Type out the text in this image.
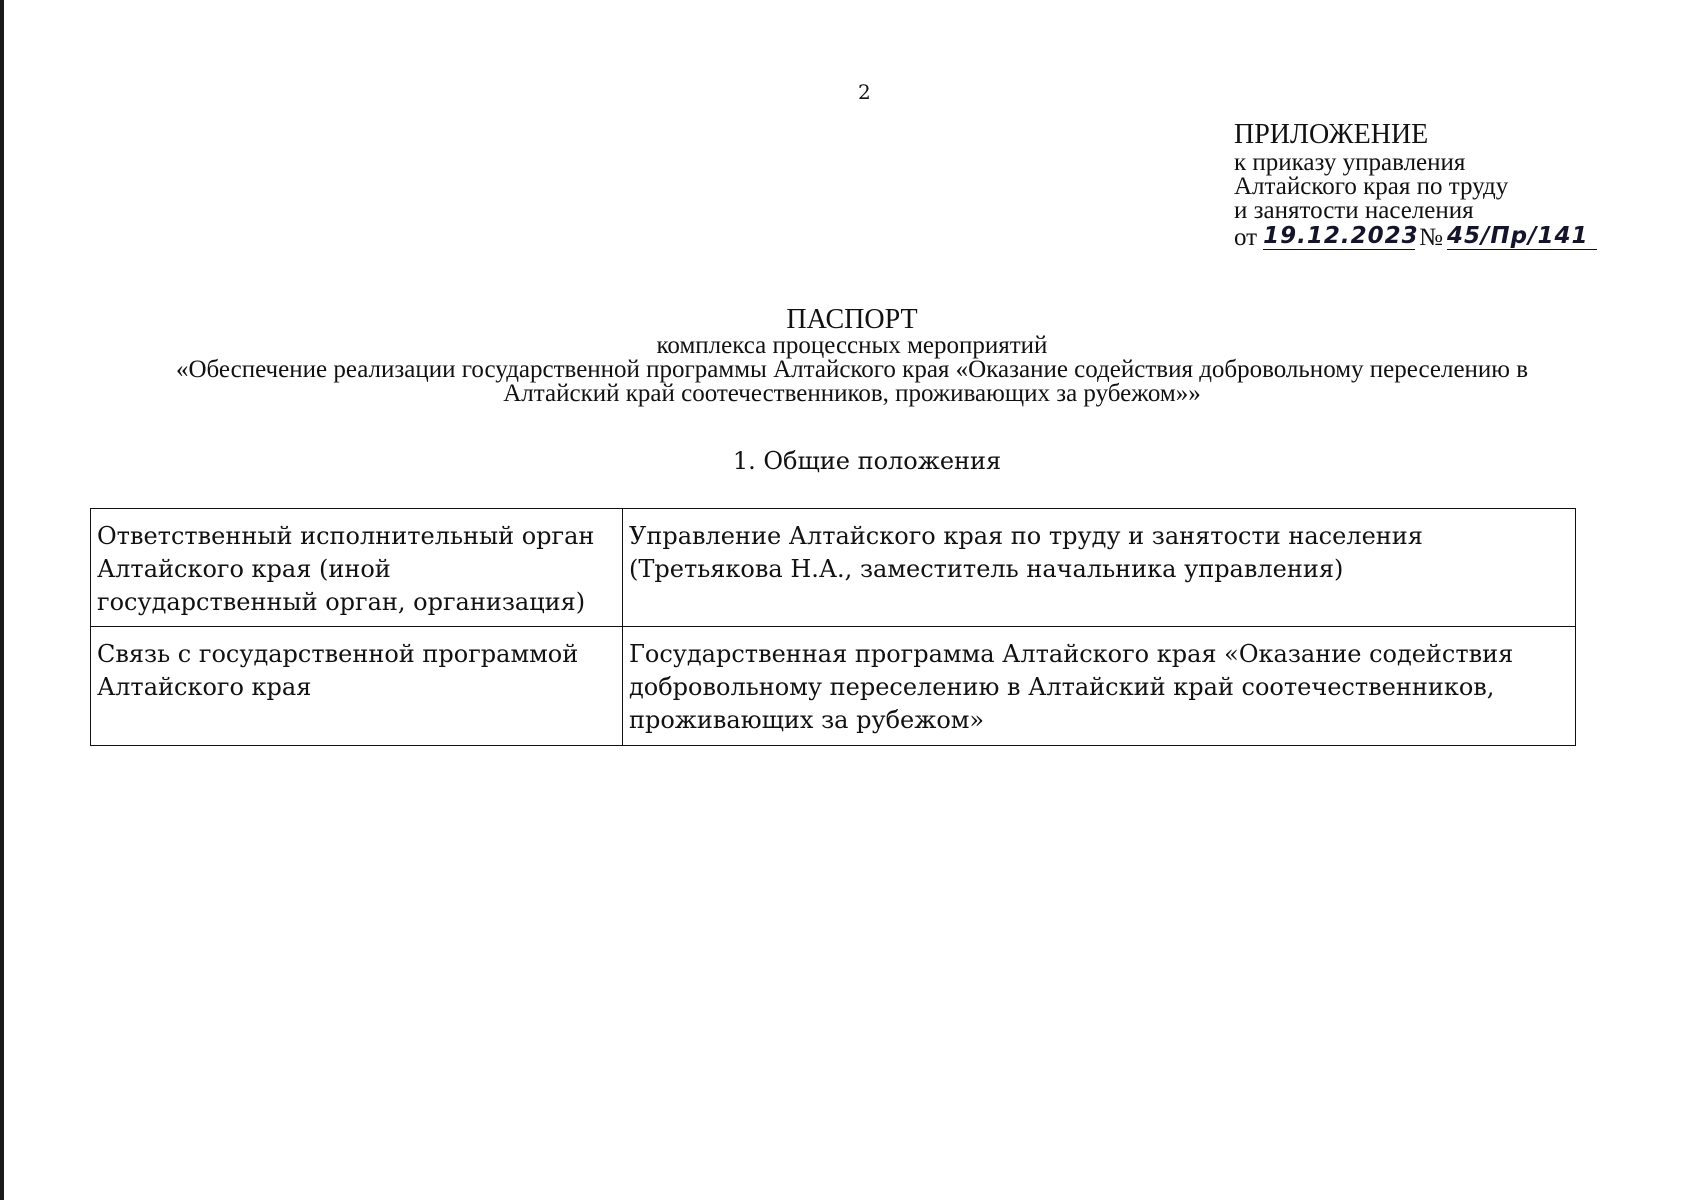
2
ПРИЛОЖЕНИЕ
к приказу управления
Алтайского края по труду
и занятости населения
от 19.12.2023 № 45/Пр/141
ПАСПОРТ
комплекса процессных мероприятий
«Обеспечение реализации государственной программы Алтайского края «Оказание содействия добровольному переселению в
Алтайский край соотечественников, проживающих за рубежом»»
1. Общие положения
Ответственный исполнительный орган Алтайского края (иной государственный орган, организация)	Управление Алтайского края по труду и занятости населения (Третьякова Н.А., заместитель начальника управления)
Связь с государственной программой Алтайского края	Государственная программа Алтайского края «Оказание содействия добровольному переселению в Алтайский край соотечественников, проживающих за рубежом»
